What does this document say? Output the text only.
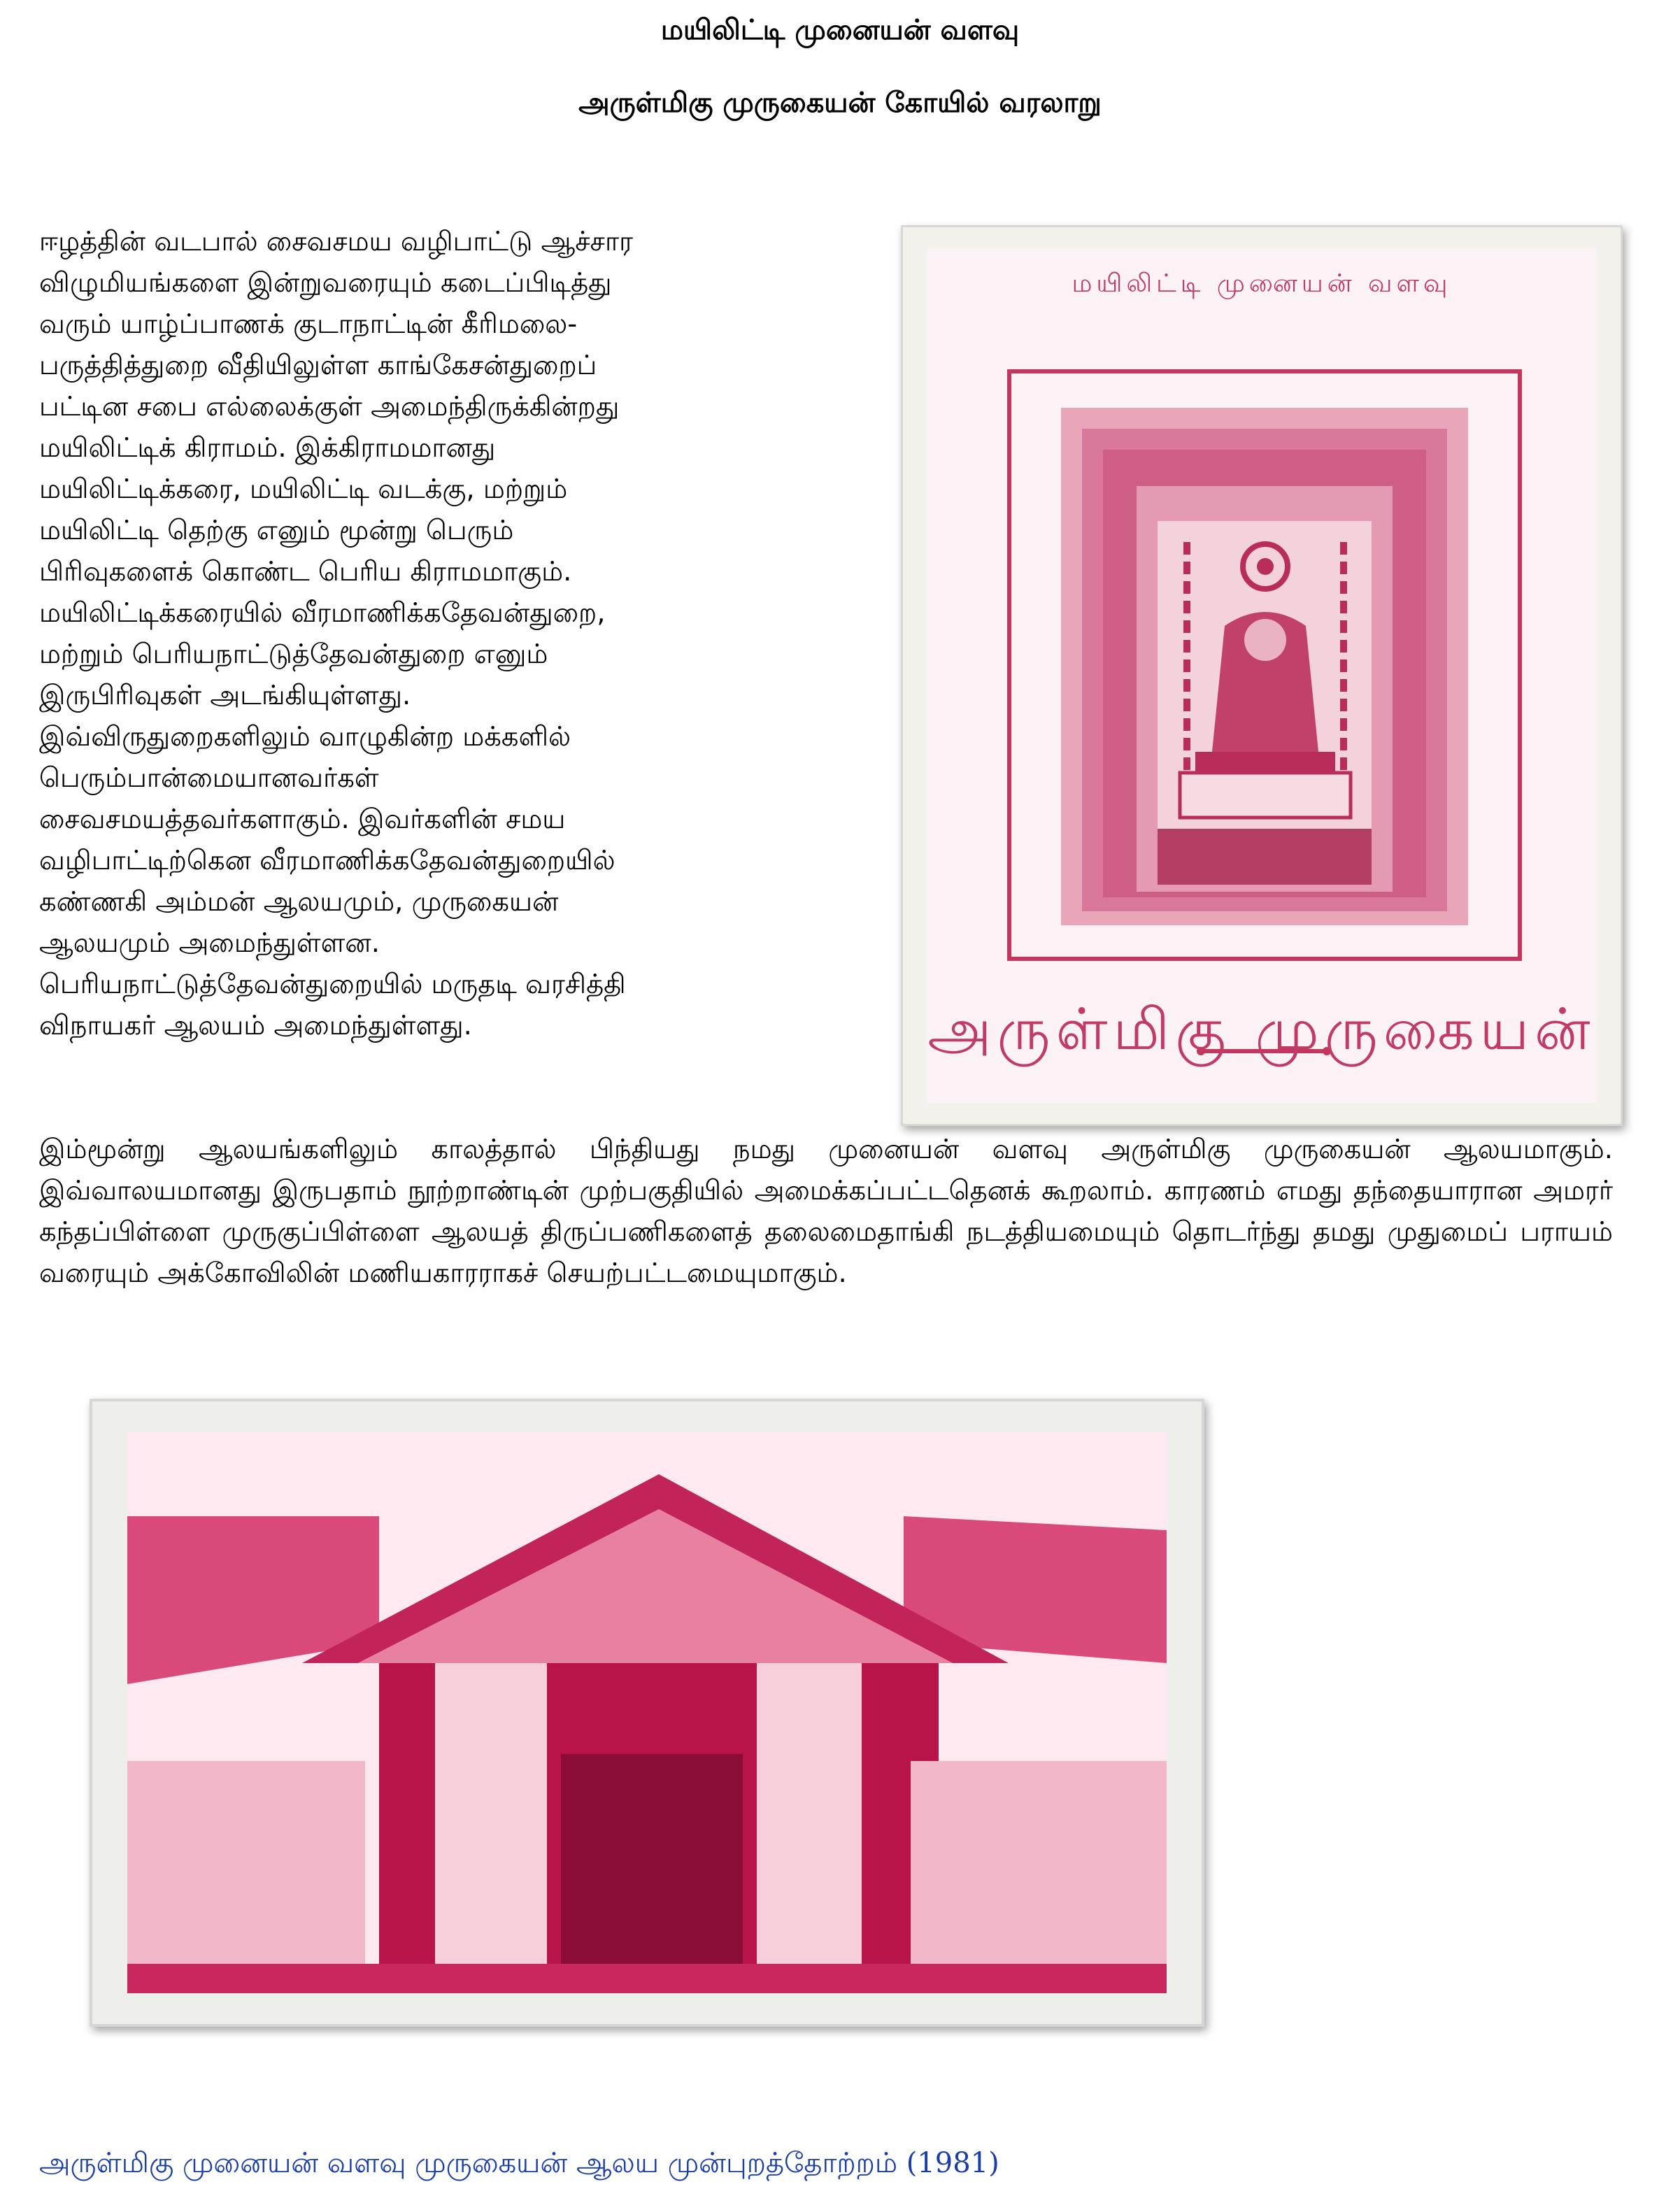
மயிலிட்டி முனையன் வளவு
அருள்மிகு முருகையன் கோயில் வரலாறு

ஈழத்தின் வடபால் சைவசமய வழிபாட்டு ஆச்சார

விழுமியங்களை இன்றுவரையும் கடைப்பிடித்து

வரும் யாழ்ப்பாணக் குடாநாட்டின் கீரிமலை-

பருத்தித்துறை வீதியிலுள்ள காங்கேசன்துறைப்

பட்டின சபை எல்லைக்குள் அமைந்திருக்கின்றது

மயிலிட்டிக் கிராமம். இக்கிராமமானது

மயிலிட்டிக்கரை, மயிலிட்டி வடக்கு, மற்றும்

மயிலிட்டி தெற்கு எனும் மூன்று பெரும்

பிரிவுகளைக் கொண்ட பெரிய கிராமமாகும்.

மயிலிட்டிக்கரையில் வீரமாணிக்கதேவன்துறை,

மற்றும் பெரியநாட்டுத்தேவன்துறை எனும்

இருபிரிவுகள் அடங்கியுள்ளது.

இவ்விருதுறைகளிலும் வாழுகின்ற மக்களில்

பெரும்பான்மையானவர்கள்

சைவசமயத்தவர்களாகும். இவர்களின் சமய

வழிபாட்டிற்கென வீரமாணிக்கதேவன்துறையில்

கண்ணகி அம்மன் ஆலயமும், முருகையன்

ஆலயமும் அமைந்துள்ளன.

பெரியநாட்டுத்தேவன்துறையில் மருதடி வரசித்தி

விநாயகர் ஆலயம் அமைந்துள்ளது.

மயிலிட்டி முனையன் வளவு
அருள்மிகு முருகையன்
இம்மூன்று ஆலயங்களிலும் காலத்தால் பிந்தியது நமது முனையன் வளவு அருள்மிகு முருகையன் ஆலயமாகும். இவ்வாலயமானது இருபதாம் நூற்றாண்டின் முற்பகுதியில் அமைக்கப்பட்டதெனக் கூறலாம். காரணம் எமது தந்தையாரான அமரர் கந்தப்பிள்ளை முருகுப்பிள்ளை ஆலயத் திருப்பணிகளைத் தலைமைதாங்கி நடத்தியமையும் தொடர்ந்து தமது முதுமைப் பராயம் வரையும் அக்கோவிலின் மணியகாரராகச் செயற்பட்டமையுமாகும்.
அருள்மிகு முனையன் வளவு முருகையன் ஆலய முன்புறத்தோற்றம் (1981)
